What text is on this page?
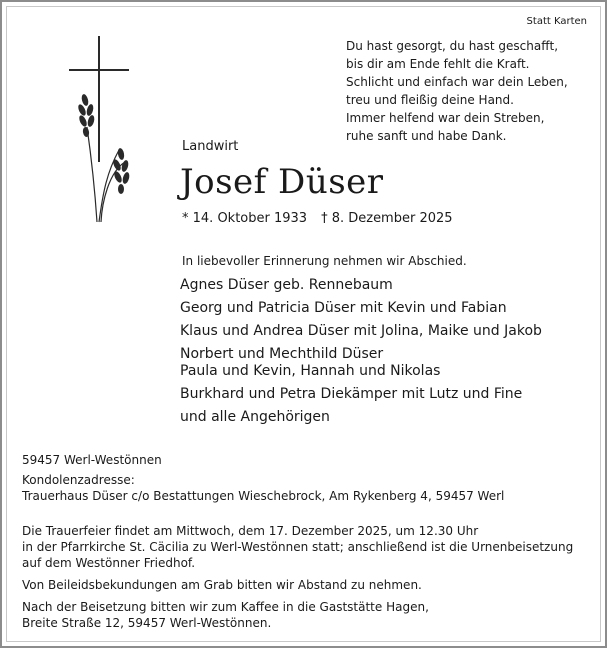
Statt Karten
Du hast gesorgt, du hast geschafft,
bis dir am Ende fehlt die Kraft.
Schlicht und einfach war dein Leben,
treu und fleißig deine Hand.
Immer helfend war dein Streben,
ruhe sanft und habe Dank.
Landwirt
Josef Düser
* 14. Oktober 1933 † 8. Dezember 2025
In liebevoller Erinnerung nehmen wir Abschied.
Agnes Düser geb. Rennebaum
Georg und Patricia Düser mit Kevin und Fabian
Klaus und Andrea Düser mit Jolina, Maike und Jakob
Norbert und Mechthild Düser
Paula und Kevin, Hannah und Nikolas
Burkhard und Petra Diekämper mit Lutz und Fine
und alle Angehörigen
59457 Werl-Westönnen
Kondolenzadresse:
Trauerhaus Düser c/o Bestattungen Wieschebrock, Am Rykenberg 4, 59457 Werl
Die Trauerfeier findet am Mittwoch, dem 17. Dezember 2025, um 12.30 Uhr
in der Pfarrkirche St. Cäcilia zu Werl-Westönnen statt; anschließend ist die Urnenbeisetzung
auf dem Westönner Friedhof.
Von Beileidsbekundungen am Grab bitten wir Abstand zu nehmen.
Nach der Beisetzung bitten wir zum Kaffee in die Gaststätte Hagen,
Breite Straße 12, 59457 Werl-Westönnen.
